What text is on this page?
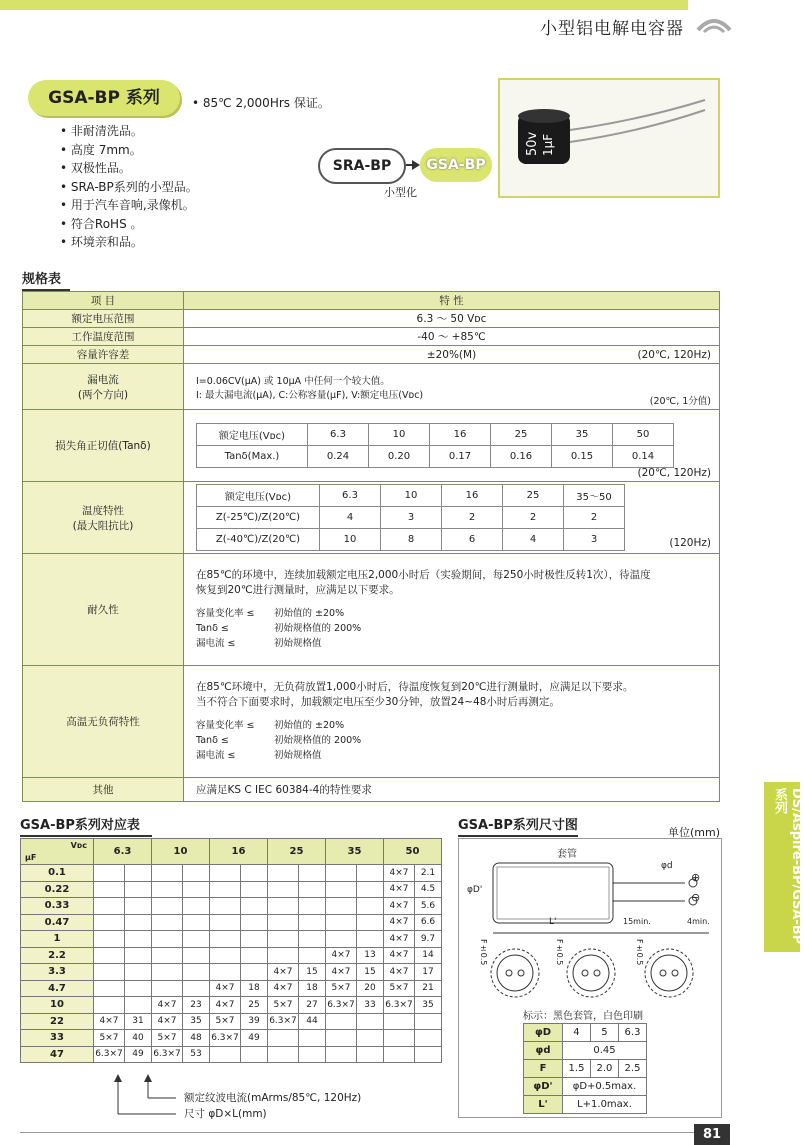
小型铝电解电容器
GSA-BP 系列	• 85℃ 2,000Hrs 保证。
• 非耐清洗品。
• 高度 7mm。
• 双极性品。
• SRA-BP系列的小型品。
• 用于汽车音响,录像机。
• 符合RoHS 。
• 环境亲和品。
SRA-BP	GSA-BP
小型化
50v 1μF
规格表
项 目	特 性
额定电压范围	6.3 ～ 50 Vᴅᴄ
工作温度范围	-40 ～ +85℃
容量许容差	±20%(M)	(20℃, 120Hz)

漏电流
(两个方向)

I=0.06CV(μA) 或 10μA 中任何一个较大值。
I: 最大漏电流(μA), C:公称容量(μF), V:额定电压(Vᴅᴄ)
(20℃, 1分值)

损失角正切值(Tanδ)	
额定电压(Vᴅᴄ)	6.3	10	16	25	35	50
Tanδ(Max.)	0.24	0.20	0.17	0.16	0.15	0.14
(20℃, 120Hz)

温度特性
(最大阻抗比)

额定电压(Vᴅᴄ)	6.3	10	16	25	35～50
Z(-25℃)/Z(20℃)	4	3	2	2	2
Z(-40℃)/Z(20℃)	10	8	6	4	3	(120Hz)

耐久性	
在85℃的环境中，连续加载额定电压2,000小时后（实验期间，每250小时极性反转1次），待温度
恢复到20℃进行测量时，应满足以下要求。
容量变化率 ≤ 初始值的 ±20%
Tanδ ≤	初始规格值的 200%
漏电流 ≤	初始规格值

高温无负荷特性	
在85℃环境中，无负荷放置1,000小时后，待温度恢复到20℃进行测量时，应满足以下要求。
当不符合下面要求时，加载额定电压至少30分钟，放置24~48小时后再测定。
容量变化率 ≤ 初始值的 ±20%
Tanδ ≤	初始规格值的 200%
漏电流 ≤	初始规格值

其他	应满足KS C IEC 60384-4的特性要求
GSA-BP系列对应表
μF
Vᴅᴄ	6.3		10		16		25		35		50	
0.1											4×7	2.1
0.22											4×7	4.5
0.33											4×7	5.6
0.47											4×7	6.6
1											4×7	9.7
2.2									4×7	13	4×7	14
3.3							4×7	15	4×7	15	4×7	17
4.7					4×7	18	4×7	18	5×7	20	5×7	21
10			4×7	23	4×7	25	5×7	27	6.3×7	33	6.3×7	35
22	4×7	31	4×7	35	5×7	39	6.3×7	44				
33	5×7	40	5×7	48	6.3×7	49						
47	6.3×7	49	6.3×7	53								
额定纹波电流(mArms/85℃, 120Hz)
尺寸 φD×L(mm)
GSA-BP系列尺寸图	单位(mm)
套管
φd
φD'
L'	15min.	4min.
⊕
⊖
F±0.5	F±0.5	F±0.5
标示：黑色套管，白色印刷
φD	4	5	6.3
φd	0.45		
F	1.5	2.0	2.5
φD'	φD+0.5max.		
L'	L+1.0max.		
DS/Aspire-BP/GSA-BP 系列
81
